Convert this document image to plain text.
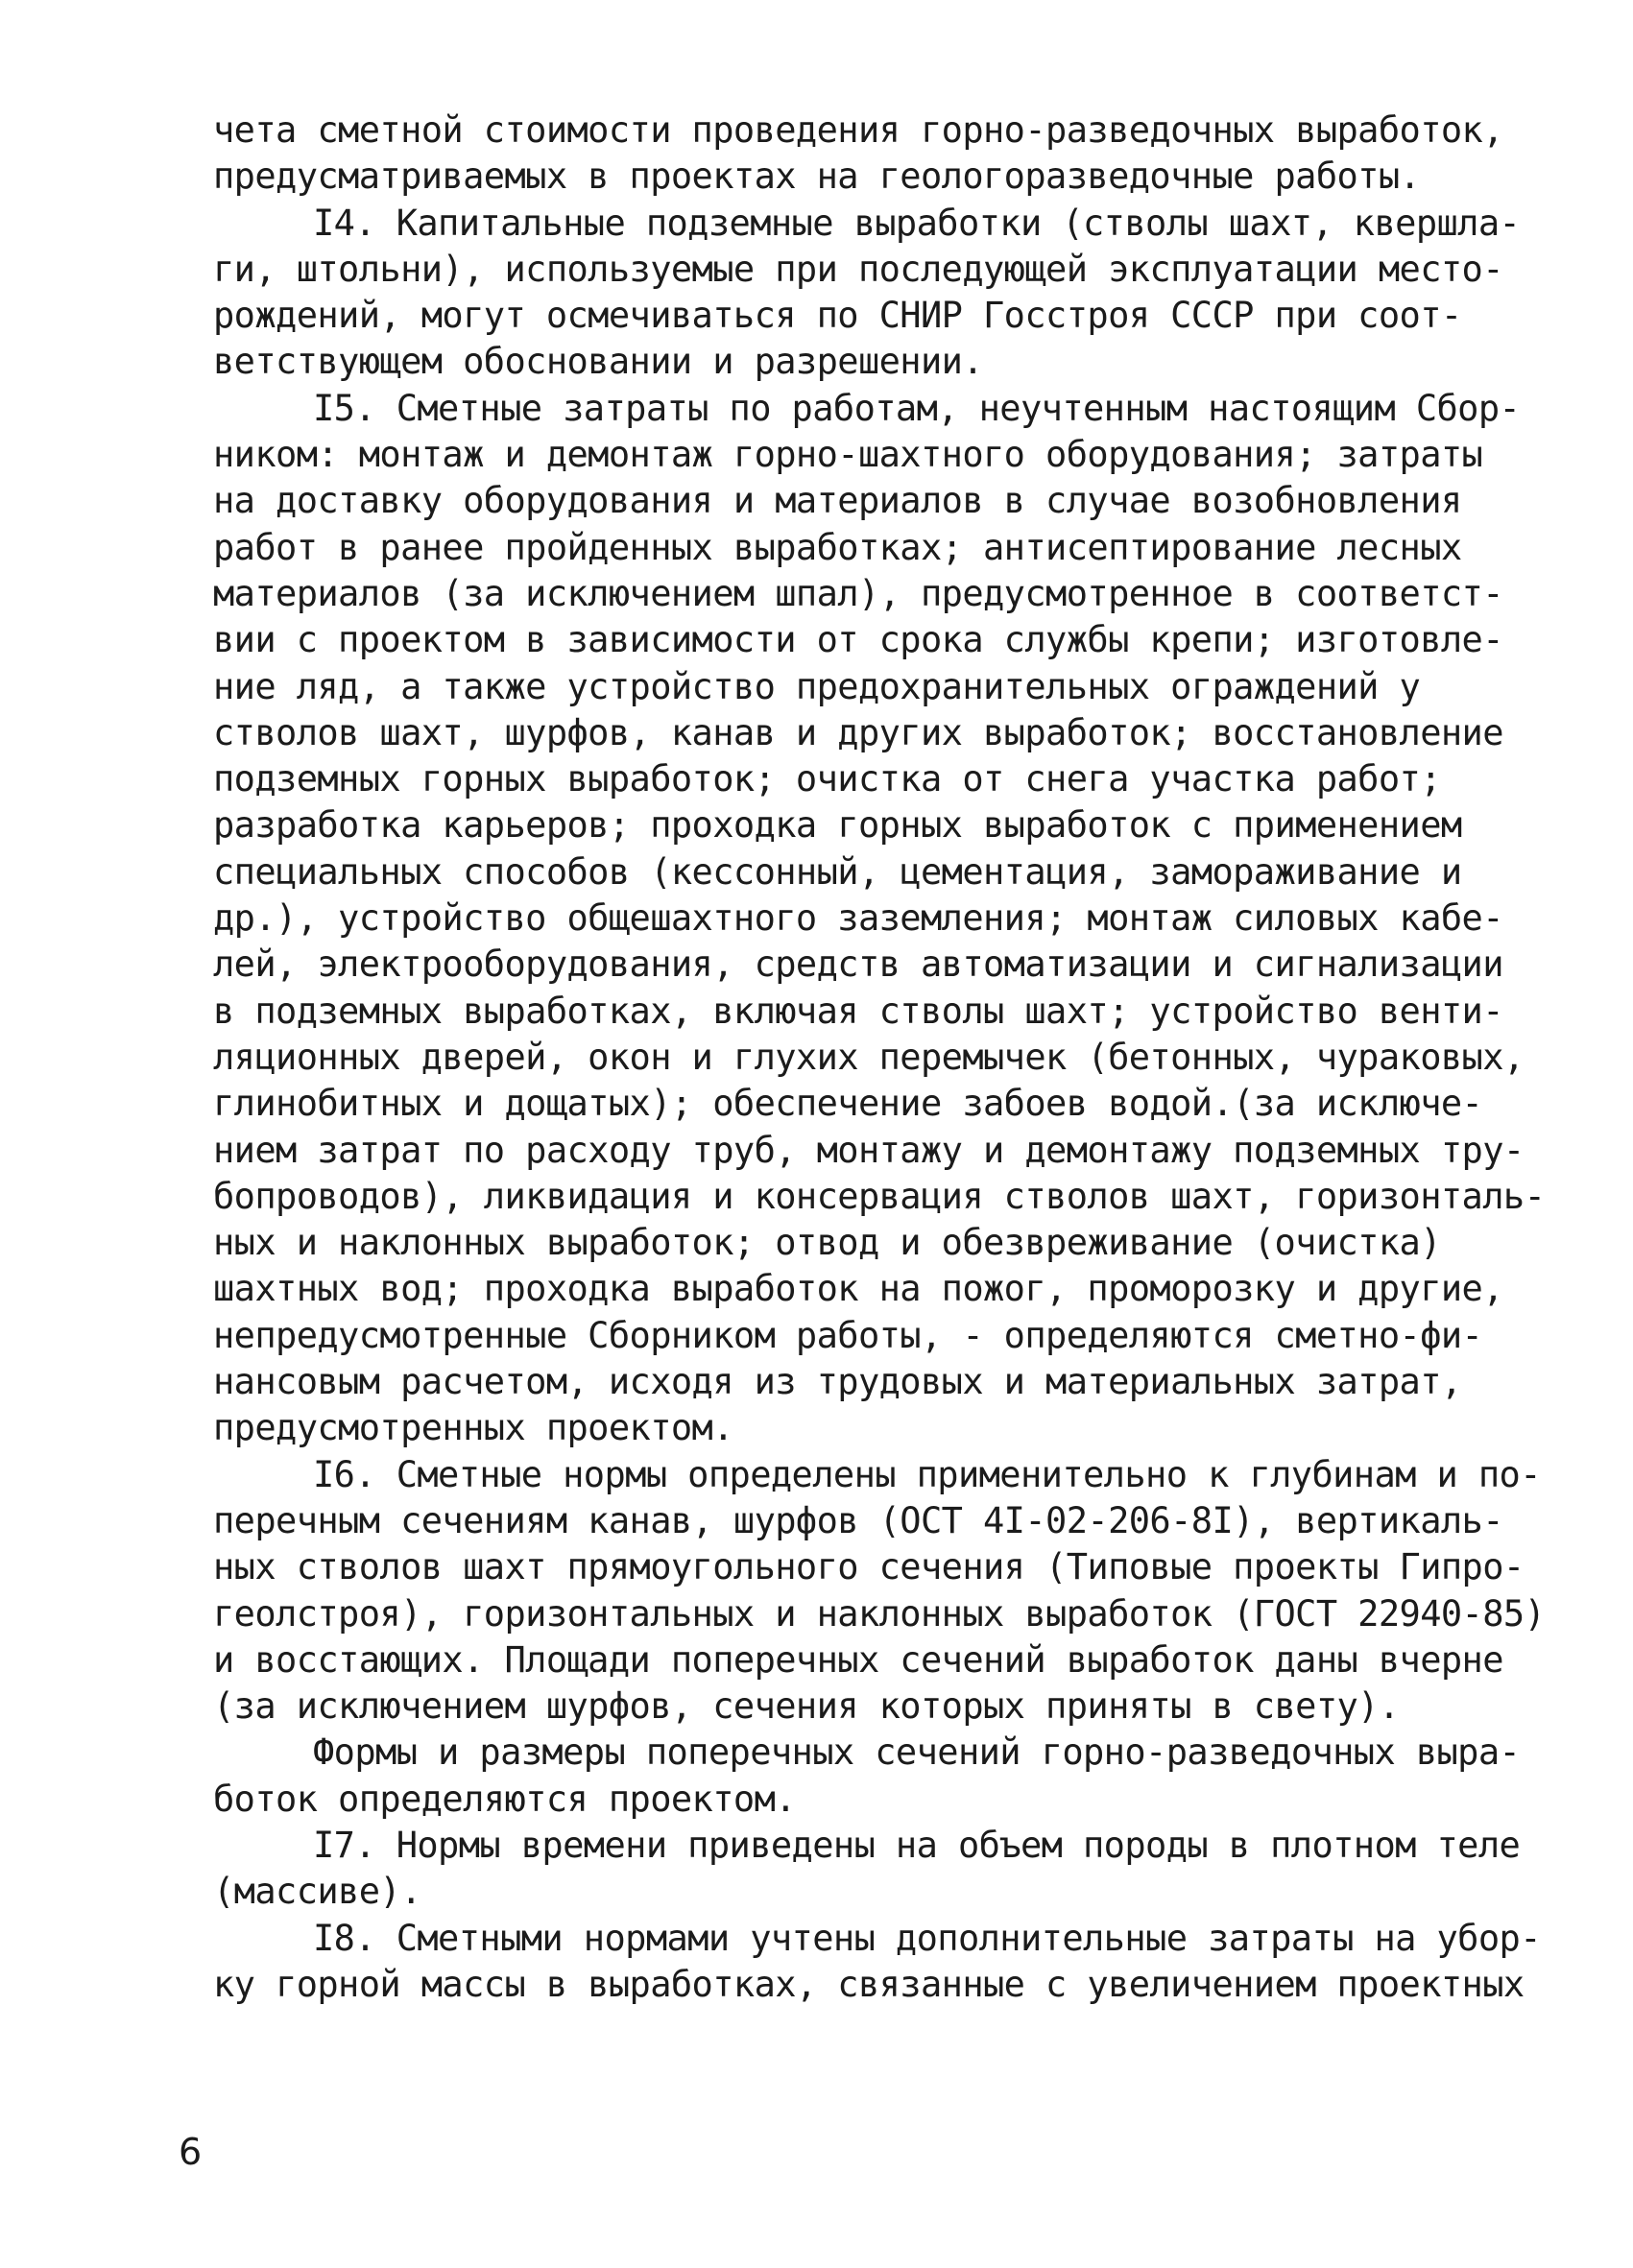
чета сметной стоимости проведения горно-разведочных выработок,
предусматриваемых в проектах на геологоразведочные работы.
I4. Капитальные подземные выработки (стволы шахт, квершла-
ги, штольни), используемые при последующей эксплуатации место-
рождений, могут осмечиваться по СНИР Госстроя СССР при соот-
ветствующем обосновании и разрешении.
I5. Сметные затраты по работам, неучтенным настоящим Сбор-
ником: монтаж и демонтаж горно-шахтного оборудования; затраты
на доставку оборудования и материалов в случае возобновления
работ в ранее пройденных выработках; антисептирование лесных
материалов (за исключением шпал), предусмотренное в соответст-
вии с проектом в зависимости от срока службы крепи; изготовле-
ние ляд, а также устройство предохранительных ограждений у
стволов шахт, шурфов, канав и других выработок; восстановление
подземных горных выработок; очистка от снега участка работ;
разработка карьеров; проходка горных выработок с применением
специальных способов (кессонный, цементация, замораживание и
др.), устройство общешахтного заземления; монтаж силовых кабе-
лей, электрооборудования, средств автоматизации и сигнализации
в подземных выработках, включая стволы шахт; устройство венти-
ляционных дверей, окон и глухих перемычек (бетонных, чураковых,
глинобитных и дощатых); обеспечение забоев водой.(за исключе-
нием затрат по расходу труб, монтажу и демонтажу подземных тру-
бопроводов), ликвидация и консервация стволов шахт, горизонталь-
ных и наклонных выработок; отвод и обезвреживание (очистка)
шахтных вод; проходка выработок на пожог, проморозку и другие,
непредусмотренные Сборником работы, - определяются сметно-фи-
нансовым расчетом, исходя из трудовых и материальных затрат,
предусмотренных проектом.
I6. Сметные нормы определены применительно к глубинам и по-
перечным сечениям канав, шурфов (ОСТ 4I-02-206-8I), вертикаль-
ных стволов шахт прямоугольного сечения (Типовые проекты Гипро-
геолстроя), горизонтальных и наклонных выработок (ГОСТ 22940-85)
и восстающих. Площади поперечных сечений выработок даны вчерне
(за исключением шурфов, сечения которых приняты в свету).
Формы и размеры поперечных сечений горно-разведочных выра-
боток определяются проектом.
I7. Нормы времени приведены на объем породы в плотном теле
(массиве).
I8. Сметными нормами учтены дополнительные затраты на убор-
ку горной массы в выработках, связанные с увеличением проектных
6
